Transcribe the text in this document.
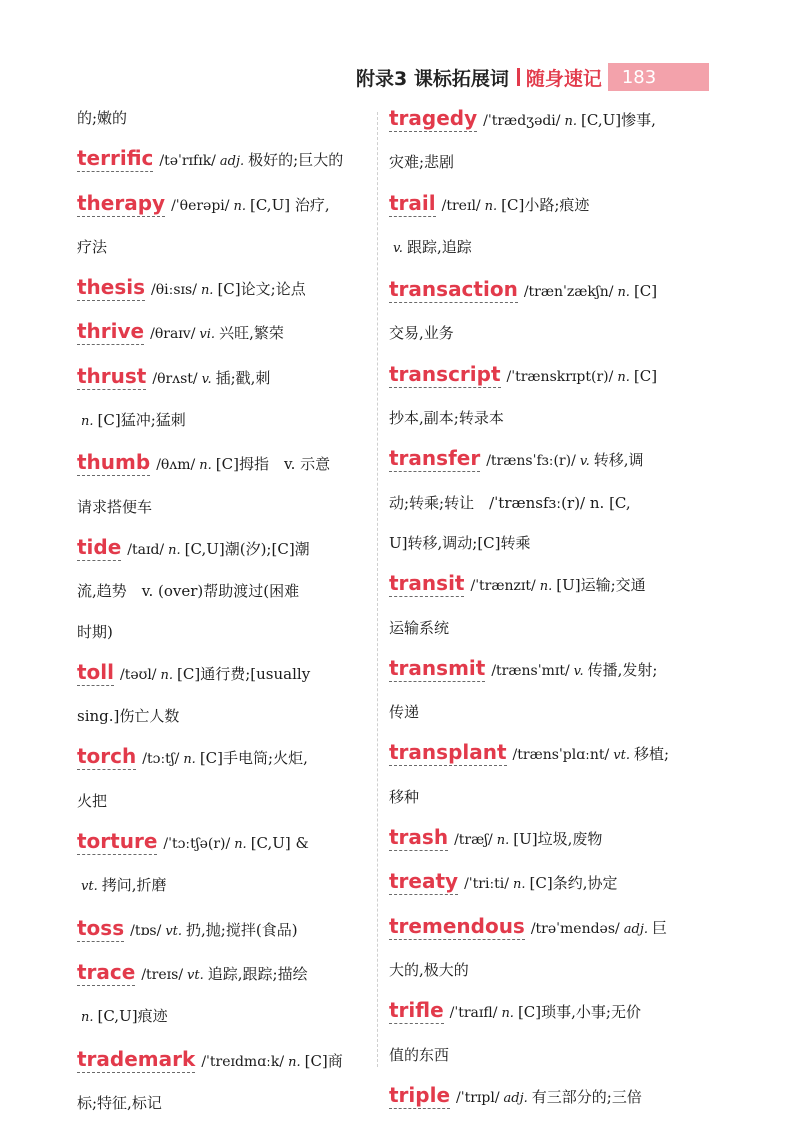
附录3 课标拓展词 随身速记	183
的;嫩的
terrific /təˈrɪfɪk/ adj. 极好的;巨大的
therapy /ˈθerəpi/ n. [C,U] 治疗,
疗法
thesis /θiːsɪs/ n. [C]论文;论点
thrive /θraɪv/ vi. 兴旺,繁荣
thrust /θrʌst/ v. 插;戳,刺
n. [C]猛冲;猛刺
thumb /θʌm/ n. [C]拇指　v. 示意
请求搭便车
tide /taɪd/ n. [C,U]潮(汐);[C]潮
流,趋势　v. (over)帮助渡过(困难
时期)
toll /təʊl/ n. [C]通行费;[usually
sing.]伤亡人数
torch /tɔːtʃ/ n. [C]手电筒;火炬,
火把
torture /ˈtɔːtʃə(r)/ n. [C,U] &
vt. 拷问,折磨
toss /tɒs/ vt. 扔,抛;搅拌(食品)
trace /treɪs/ vt. 追踪,跟踪;描绘
n. [C,U]痕迹
trademark /ˈtreɪdmɑːk/ n. [C]商
标;特征,标记
tragedy /ˈtrædʒədi/ n. [C,U]惨事,
灾难;悲剧
trail /treɪl/ n. [C]小路;痕迹
v. 跟踪,追踪
transaction /trænˈzækʃn/ n. [C]
交易,业务
transcript /ˈtrænskrɪpt(r)/ n. [C]
抄本,副本;转录本
transfer /trænsˈfɜː(r)/ v. 转移,调
动;转乘;转让　/ˈtrænsfɜː(r)/ n. [C,
U]转移,调动;[C]转乘
transit /ˈtrænzɪt/ n. [U]运输;交通
运输系统
transmit /trænsˈmɪt/ v. 传播,发射;
传递
transplant /trænsˈplɑːnt/ vt. 移植;
移种
trash /træʃ/ n. [U]垃圾,废物
treaty /ˈtriːti/ n. [C]条约,协定
tremendous /trəˈmendəs/ adj. 巨
大的,极大的
trifle /ˈtraɪfl/ n. [C]琐事,小事;无价
值的东西
triple /ˈtrɪpl/ adj. 有三部分的;三倍
